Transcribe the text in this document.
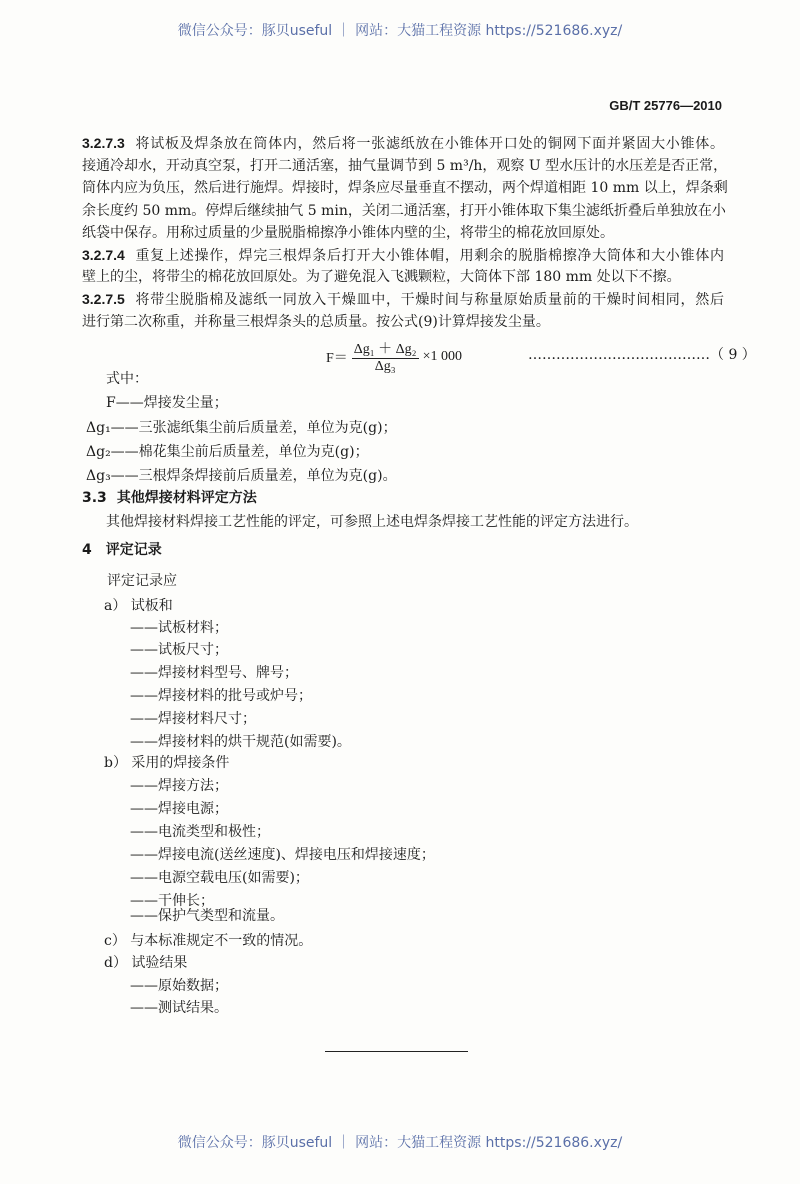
微信公众号：豚贝useful ｜ 网站：大猫工程资源 https://521686.xyz/
GB/T 25776—2010
3.2.7.3 将试板及焊条放在筒体内，然后将一张滤纸放在小锥体开口处的铜网下面并紧固大小锥体。
接通冷却水，开动真空泵，打开二通活塞，抽气量调节到 5 m³/h，观察 U 型水压计的水压差是否正常，
筒体内应为负压，然后进行施焊。焊接时，焊条应尽量垂直不摆动，两个焊道相距 10 mm 以上，焊条剩
余长度约 50 mm。停焊后继续抽气 5 min，关闭二通活塞，打开小锥体取下集尘滤纸折叠后单独放在小
纸袋中保存。用称过质量的少量脱脂棉擦净小锥体内壁的尘，将带尘的棉花放回原处。
3.2.7.4 重复上述操作，焊完三根焊条后打开大小锥体帽，用剩余的脱脂棉擦净大筒体和大小锥体内
壁上的尘，将带尘的棉花放回原处。为了避免混入飞溅颗粒，大筒体下部 180 mm 处以下不擦。
3.2.7.5 将带尘脱脂棉及滤纸一同放入干燥皿中，干燥时间与称量原始质量前的干燥时间相同，然后
进行第二次称重，并称量三根焊条头的总质量。按公式(9)计算焊接发尘量。
$F= \frac{\text{Δg₁ ＋ Δg₂}}{\text{Δg₃}} \times 1$ 000	…………………………………（ 9 ）
式中：
F——焊接发尘量；
Δg₁——三张滤纸集尘前后质量差，单位为克(g)；
Δg₂——棉花集尘前后质量差，单位为克(g)；
Δg₃——三根焊条焊接前后质量差，单位为克(g)。
3.3 其他焊接材料评定方法
其他焊接材料焊接工艺性能的评定，可参照上述电焊条焊接工艺性能的评定方法进行。
4 评定记录
评定记录应
a） 试板和
——试板材料；
——试板尺寸；
——焊接材料型号、牌号；
——焊接材料的批号或炉号；
——焊接材料尺寸；
——焊接材料的烘干规范(如需要)。
b） 采用的焊接条件
——焊接方法；
——焊接电源；
——电流类型和极性；
——焊接电流(送丝速度)、焊接电压和焊接速度；
——电源空载电压(如需要)；
——干伸长；
——保护气类型和流量。
c） 与本标准规定不一致的情况。
d） 试验结果
——原始数据；
——测试结果。
微信公众号：豚贝useful ｜ 网站：大猫工程资源 https://521686.xyz/
